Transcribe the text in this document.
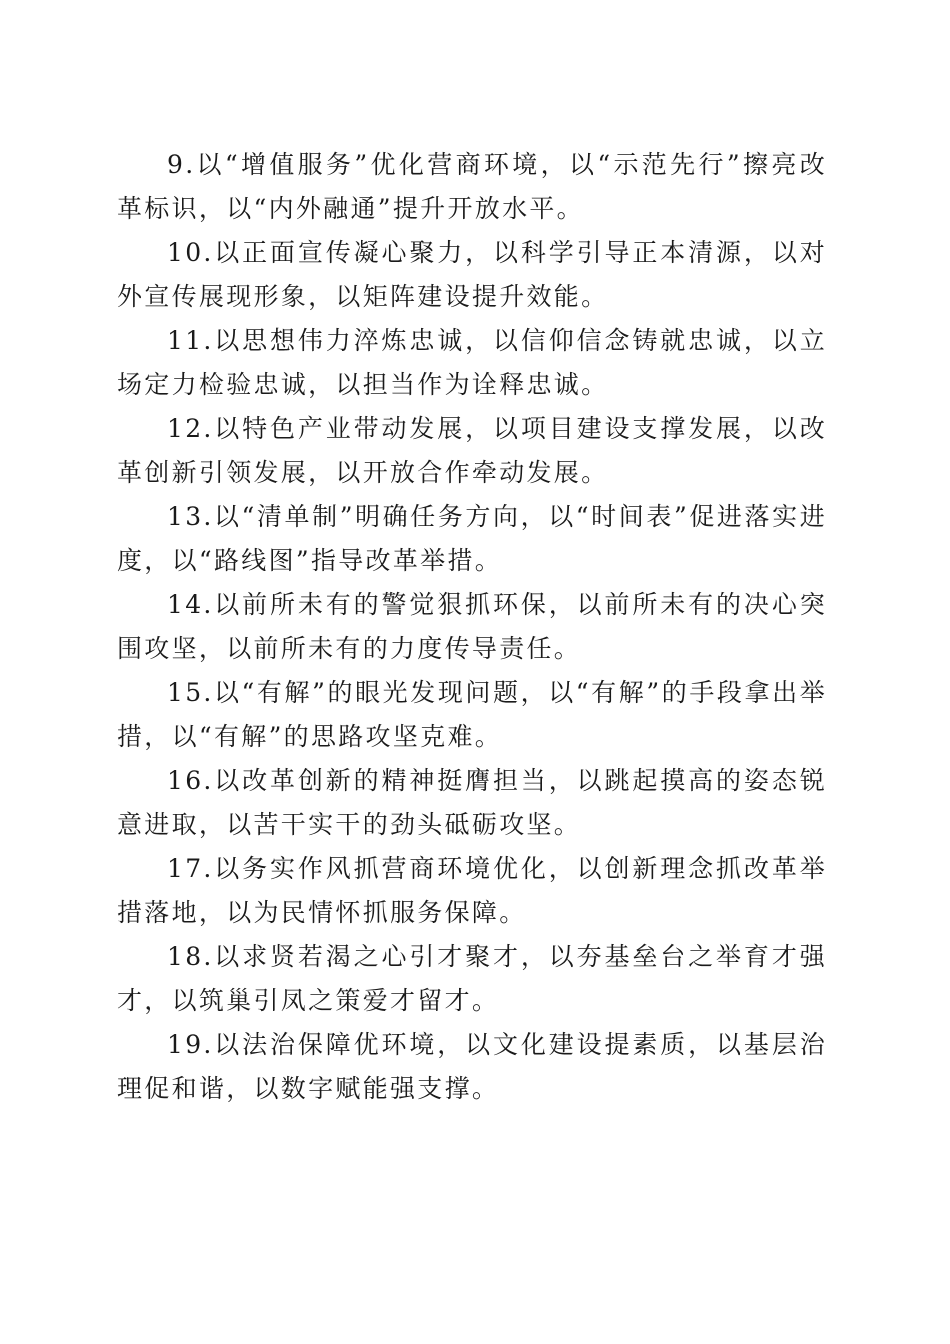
9.以“增值服务”优化营商环境，以“示范先行”擦亮改革标识，以“内外融通”提升开放水平。

10.以正面宣传凝心聚力，以科学引导正本清源，以对外宣传展现形象，以矩阵建设提升效能。

11.以思想伟力淬炼忠诚，以信仰信念铸就忠诚，以立场定力检验忠诚，以担当作为诠释忠诚。

12.以特色产业带动发展，以项目建设支撑发展，以改革创新引领发展，以开放合作牵动发展。

13.以“清单制”明确任务方向，以“时间表”促进落实进度，以“路线图”指导改革举措。

14.以前所未有的警觉狠抓环保，以前所未有的决心突围攻坚，以前所未有的力度传导责任。

15.以“有解”的眼光发现问题，以“有解”的手段拿出举措，以“有解”的思路攻坚克难。

16.以改革创新的精神挺膺担当，以跳起摸高的姿态锐意进取，以苦干实干的劲头砥砺攻坚。

17.以务实作风抓营商环境优化，以创新理念抓改革举措落地，以为民情怀抓服务保障。

18.以求贤若渴之心引才聚才，以夯基垒台之举育才强才，以筑巢引凤之策爱才留才。

19.以法治保障优环境，以文化建设提素质，以基层治理促和谐，以数字赋能强支撑。
